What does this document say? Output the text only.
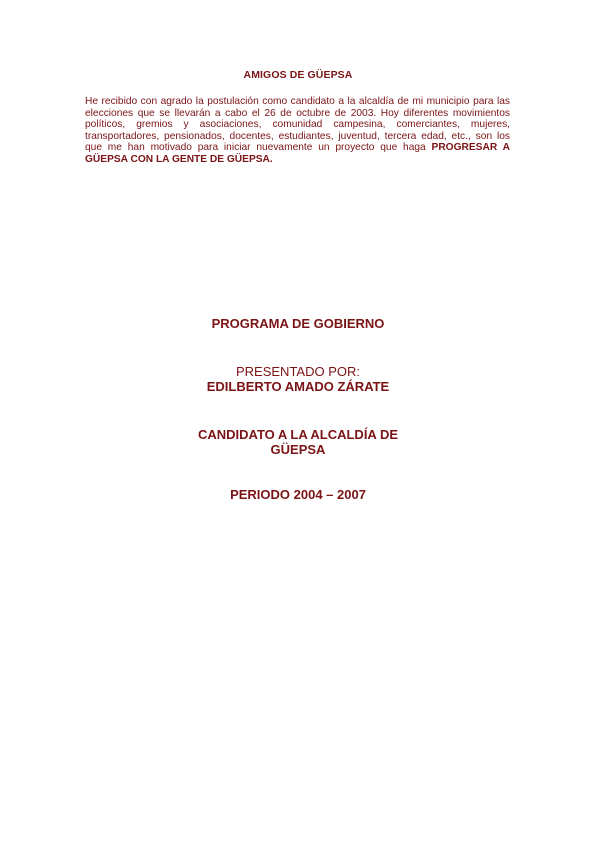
AMIGOS DE GÜEPSA

He recibido con agrado la postulación como candidato a la alcaldía de mi municipio para las elecciones que se llevarán a cabo el 26 de octubre de 2003. Hoy diferentes movimientos políticos, gremios y asociaciones, comunidad campesina, comerciantes, mujeres, transportadores, pensionados, docentes, estudiantes, juventud, tercera edad, etc., son los que me han motivado para iniciar nuevamente un proyecto que haga PROGRESAR A GÜEPSA CON LA GENTE DE GÜEPSA.

PROGRAMA DE GOBIERNO
PRESENTADO POR:
EDILBERTO AMADO ZÁRATE
CANDIDATO A LA ALCALDÍA DE
GÜEPSA
PERIODO 2004 – 2007
